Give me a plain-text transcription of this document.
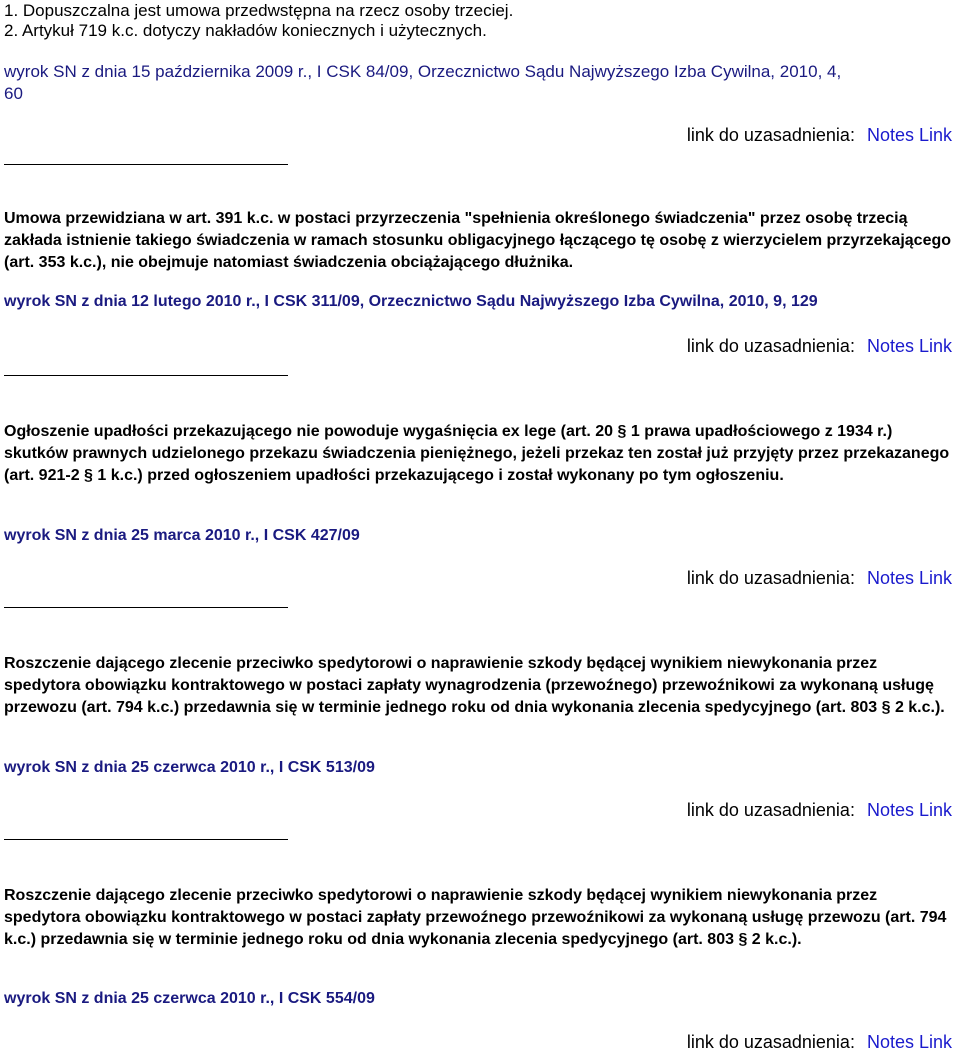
1. Dopuszczalna jest umowa przedwstępna na rzecz osoby trzeciej.
2. Artykuł 719 k.c. dotyczy nakładów koniecznych i użytecznych.
wyrok SN z dnia 15 października 2009 r., I CSK 84/09, Orzecznictwo Sądu Najwyższego Izba Cywilna, 2010, 4,
60
link do uzasadnienia: Notes Link
Umowa przewidziana w art. 391 k.c. w postaci przyrzeczenia "spełnienia określonego świadczenia" przez osobę trzecią zakłada istnienie takiego świadczenia w ramach stosunku obligacyjnego łączącego tę osobę z wierzycielem przyrzekającego (art. 353 k.c.), nie obejmuje natomiast świadczenia obciążającego dłużnika.
wyrok SN z dnia 12 lutego 2010 r., I CSK 311/09, Orzecznictwo Sądu Najwyższego Izba Cywilna, 2010, 9, 129
link do uzasadnienia: Notes Link
Ogłoszenie upadłości przekazującego nie powoduje wygaśnięcia ex lege (art. 20 § 1 prawa upadłościowego z 1934 r.) skutków prawnych udzielonego przekazu świadczenia pieniężnego, jeżeli przekaz ten został już przyjęty przez przekazanego (art. 921-2 § 1 k.c.) przed ogłoszeniem upadłości przekazującego i został wykonany po tym ogłoszeniu.
wyrok SN z dnia 25 marca 2010 r., I CSK 427/09
link do uzasadnienia: Notes Link
Roszczenie dającego zlecenie przeciwko spedytorowi o naprawienie szkody będącej wynikiem niewykonania przez spedytora obowiązku kontraktowego w postaci zapłaty wynagrodzenia (przewoźnego) przewoźnikowi za wykonaną usługę przewozu (art. 794 k.c.) przedawnia się w terminie jednego roku od dnia wykonania zlecenia spedycyjnego (art. 803 § 2 k.c.).
wyrok SN z dnia 25 czerwca 2010 r., I CSK 513/09
link do uzasadnienia: Notes Link
Roszczenie dającego zlecenie przeciwko spedytorowi o naprawienie szkody będącej wynikiem niewykonania przez spedytora obowiązku kontraktowego w postaci zapłaty przewoźnego przewoźnikowi za wykonaną usługę przewozu (art. 794 k.c.) przedawnia się w terminie jednego roku od dnia wykonania zlecenia spedycyjnego (art. 803 § 2 k.c.).
wyrok SN z dnia 25 czerwca 2010 r., I CSK 554/09
link do uzasadnienia: Notes Link
